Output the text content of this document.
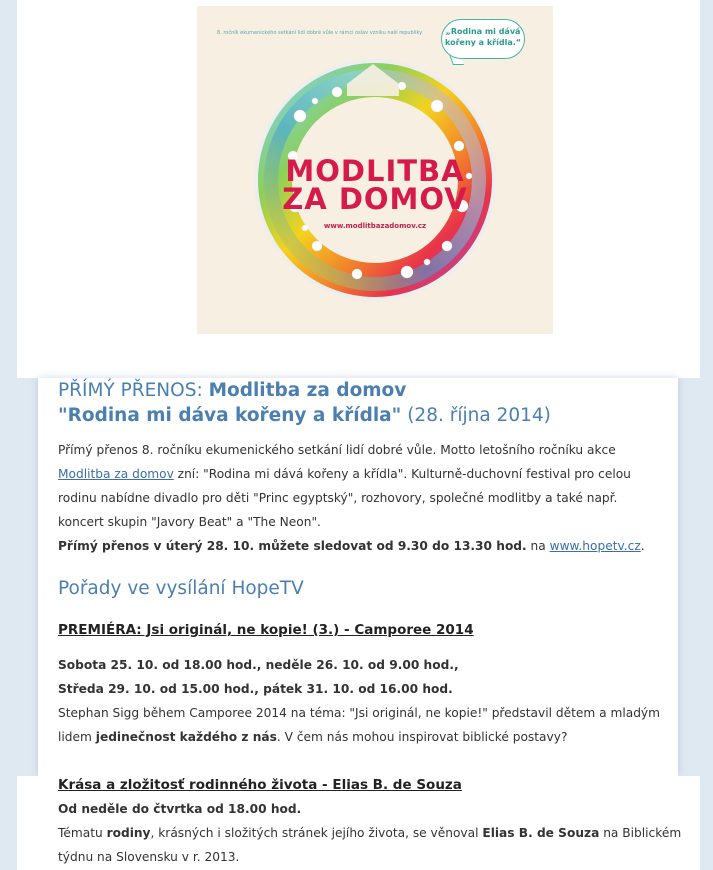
8. ročník ekumenického setkání lidí dobré vůle v rámci oslav vzniku naší republiky	„Rodina mi dává
kořeny a křídla.“
MODLITBA
ZA DOMOV
www.modlitbazadomov.cz
PŘÍMÝ PŘENOS: Modlitba za domov
"Rodina mi dáva kořeny a křídla" (28. října 2014)
Přímý přenos 8. ročníku ekumenického setkání lidí dobré vůle. Motto letošního ročníku akce Modlitba za domov zní: "Rodina mi dává kořeny a křídla". Kulturně-duchovní festival pro celou rodinu nabídne divadlo pro děti "Princ egyptský", rozhovory, společné modlitby a také např. koncert skupin "Javory Beat" a "The Neon".
Přímý přenos v úterý 28. 10. můžete sledovat od 9.30 do 13.30 hod. na www.hopetv.cz.
Pořady ve vysílání HopeTV
PREMIÉRA: Jsi originál, ne kopie! (3.) - Camporee 2014
Sobota 25. 10. od 18.00 hod., neděle 26. 10. od 9.00 hod.,
Středa 29. 10. od 15.00 hod., pátek 31. 10. od 16.00 hod.
Stephan Sigg během Camporee 2014 na téma: "Jsi originál, ne kopie!" představil dětem a mladým lidem jedinečnost každého z nás. V čem nás mohou inspirovat biblické postavy?
Krása a zložitosť rodinného života - Elias B. de Souza
Od neděle do čtvrtka od 18.00 hod.
Tématu rodiny, krásných i složitých stránek jejího života, se věnoval Elias B. de Souza na Biblickém týdnu na Slovensku v r. 2013.
